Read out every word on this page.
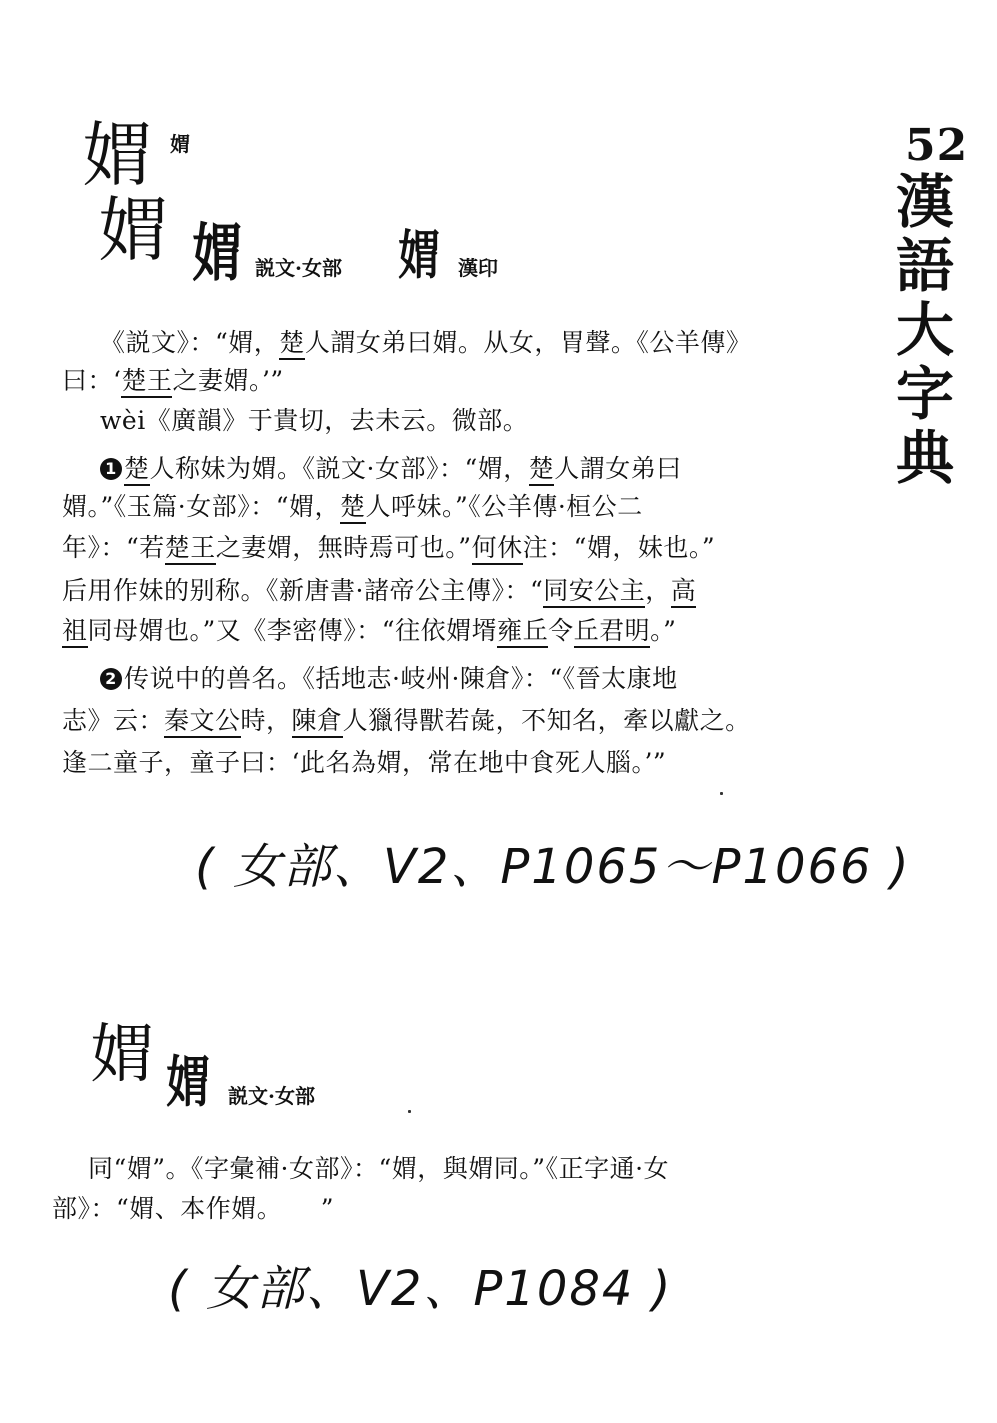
52
漢
語
大
字
典
媦 媦
媦 媦 説文·女部 媦 漢印
《説文》：“媦，楚人謂女弟曰媦。从女，胃聲。《公羊傳》
曰：‘楚王之妻媦。’”
wèi《廣韻》于貴切，去未云。微部。
1 楚人称妹为媦。《説文·女部》：“媦，楚人謂女弟曰
媦。”《玉篇·女部》：“媦，楚人呼妹。”《公羊傳·桓公二
年》：“若楚王之妻媦，無時焉可也。”何休注：“媦，妹也。”
后用作妹的别称。《新唐書·諸帝公主傳》：“同安公主，高
祖同母媦也。”又《李密傳》：“往依媦壻雍丘令丘君明。”
2 传说中的兽名。《括地志·岐州·陳倉》：“《晉太康地
志》云：秦文公時，陳倉人獵得獸若彘，不知名，牽以獻之。
逢二童子，童子曰：‘此名為媦，常在地中食死人腦。’”
( 女部、V2、P1065～P1066 )
媦 媦 説文·女部
同“媦”。《字彙補·女部》：“媦，與媦同。”《正字通·女
部》：“媦、本作媦。　　”
( 女部、V2、P1084 )
